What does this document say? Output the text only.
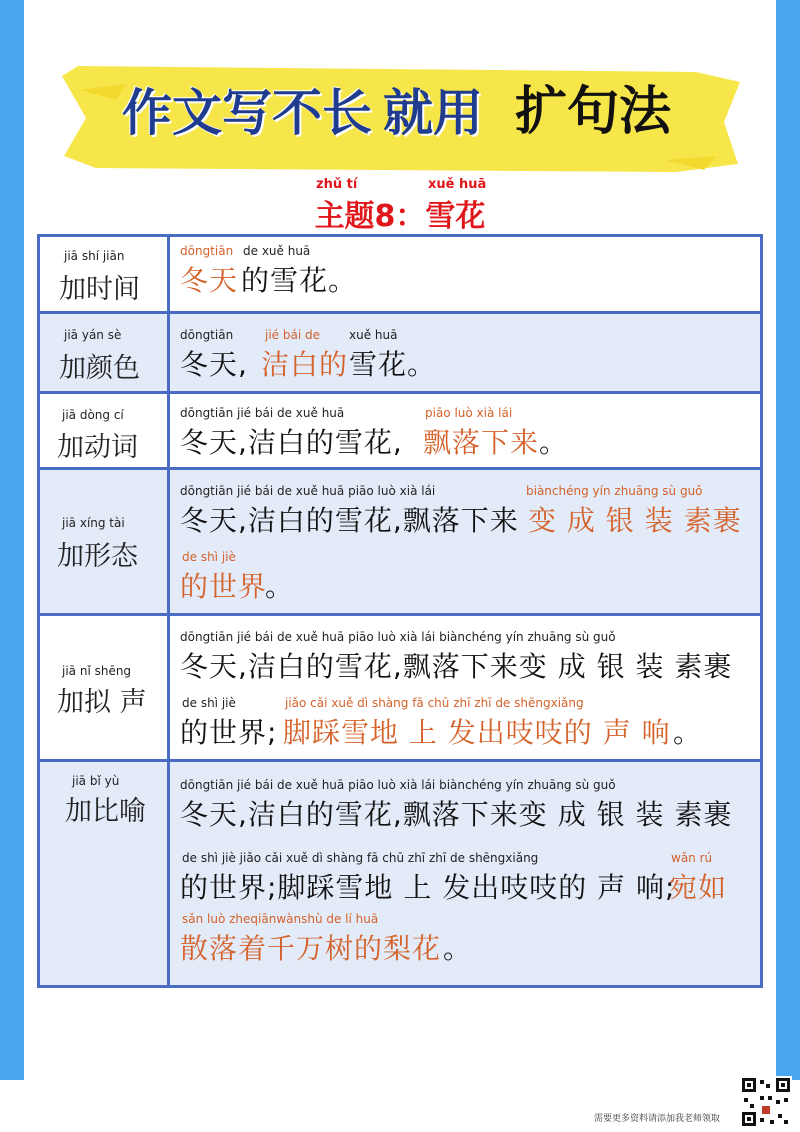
作文写不长 就用 扩句法
zhǔ tí	xuě huā
主题8：雪花
jiā shí jiān
加时间
dōngtiān de xuě huā
冬天 的雪花。
jiā yán sè
加颜色
dōngtiān	jié bái de xuě huā
冬天, 洁白的 雪花。
jiā dòng cí
加动词
dōngtiān jié bái de xuě huā	piāo luò xià lái
冬天,洁白的雪花, 飘落下来 。
jiā xíng tài
加形态
dōngtiān jié bái de xuě huā piāo luò xià lái	biànchéng yín zhuāng sù guǒ
冬天,洁白的雪花,飘落下来 变 成 银 装 素裹
de shì jiè
的世界
。
jiā nǐ shēng
加拟 声
dōngtiān jié bái de xuě huā piāo luò xià lái biànchéng yín zhuāng sù guǒ
冬天,洁白的雪花,飘落下来变 成 银 装 素裹
de shì jiè	jiǎo cǎi xuě dì shàng fā chū zhī zhī de shēngxiǎng
的世界; 脚踩雪地 上 发出吱吱的 声 响 。
jiā bǐ yù
加比喻
dōngtiān jié bái de xuě huā piāo luò xià lái biànchéng yín zhuāng sù guǒ
冬天,洁白的雪花,飘落下来变 成 银 装 素裹
de shì jiè jiǎo cǎi xuě dì shàng fā chū zhī zhī de shēngxiǎng	wǎn rú
的世界;脚踩雪地 上 发出吱吱的 声 响;
宛如
sǎn luò zheqiānwànshù de lí huā
散落着千万树的梨花 。
需要更多资料请添加我老师领取
